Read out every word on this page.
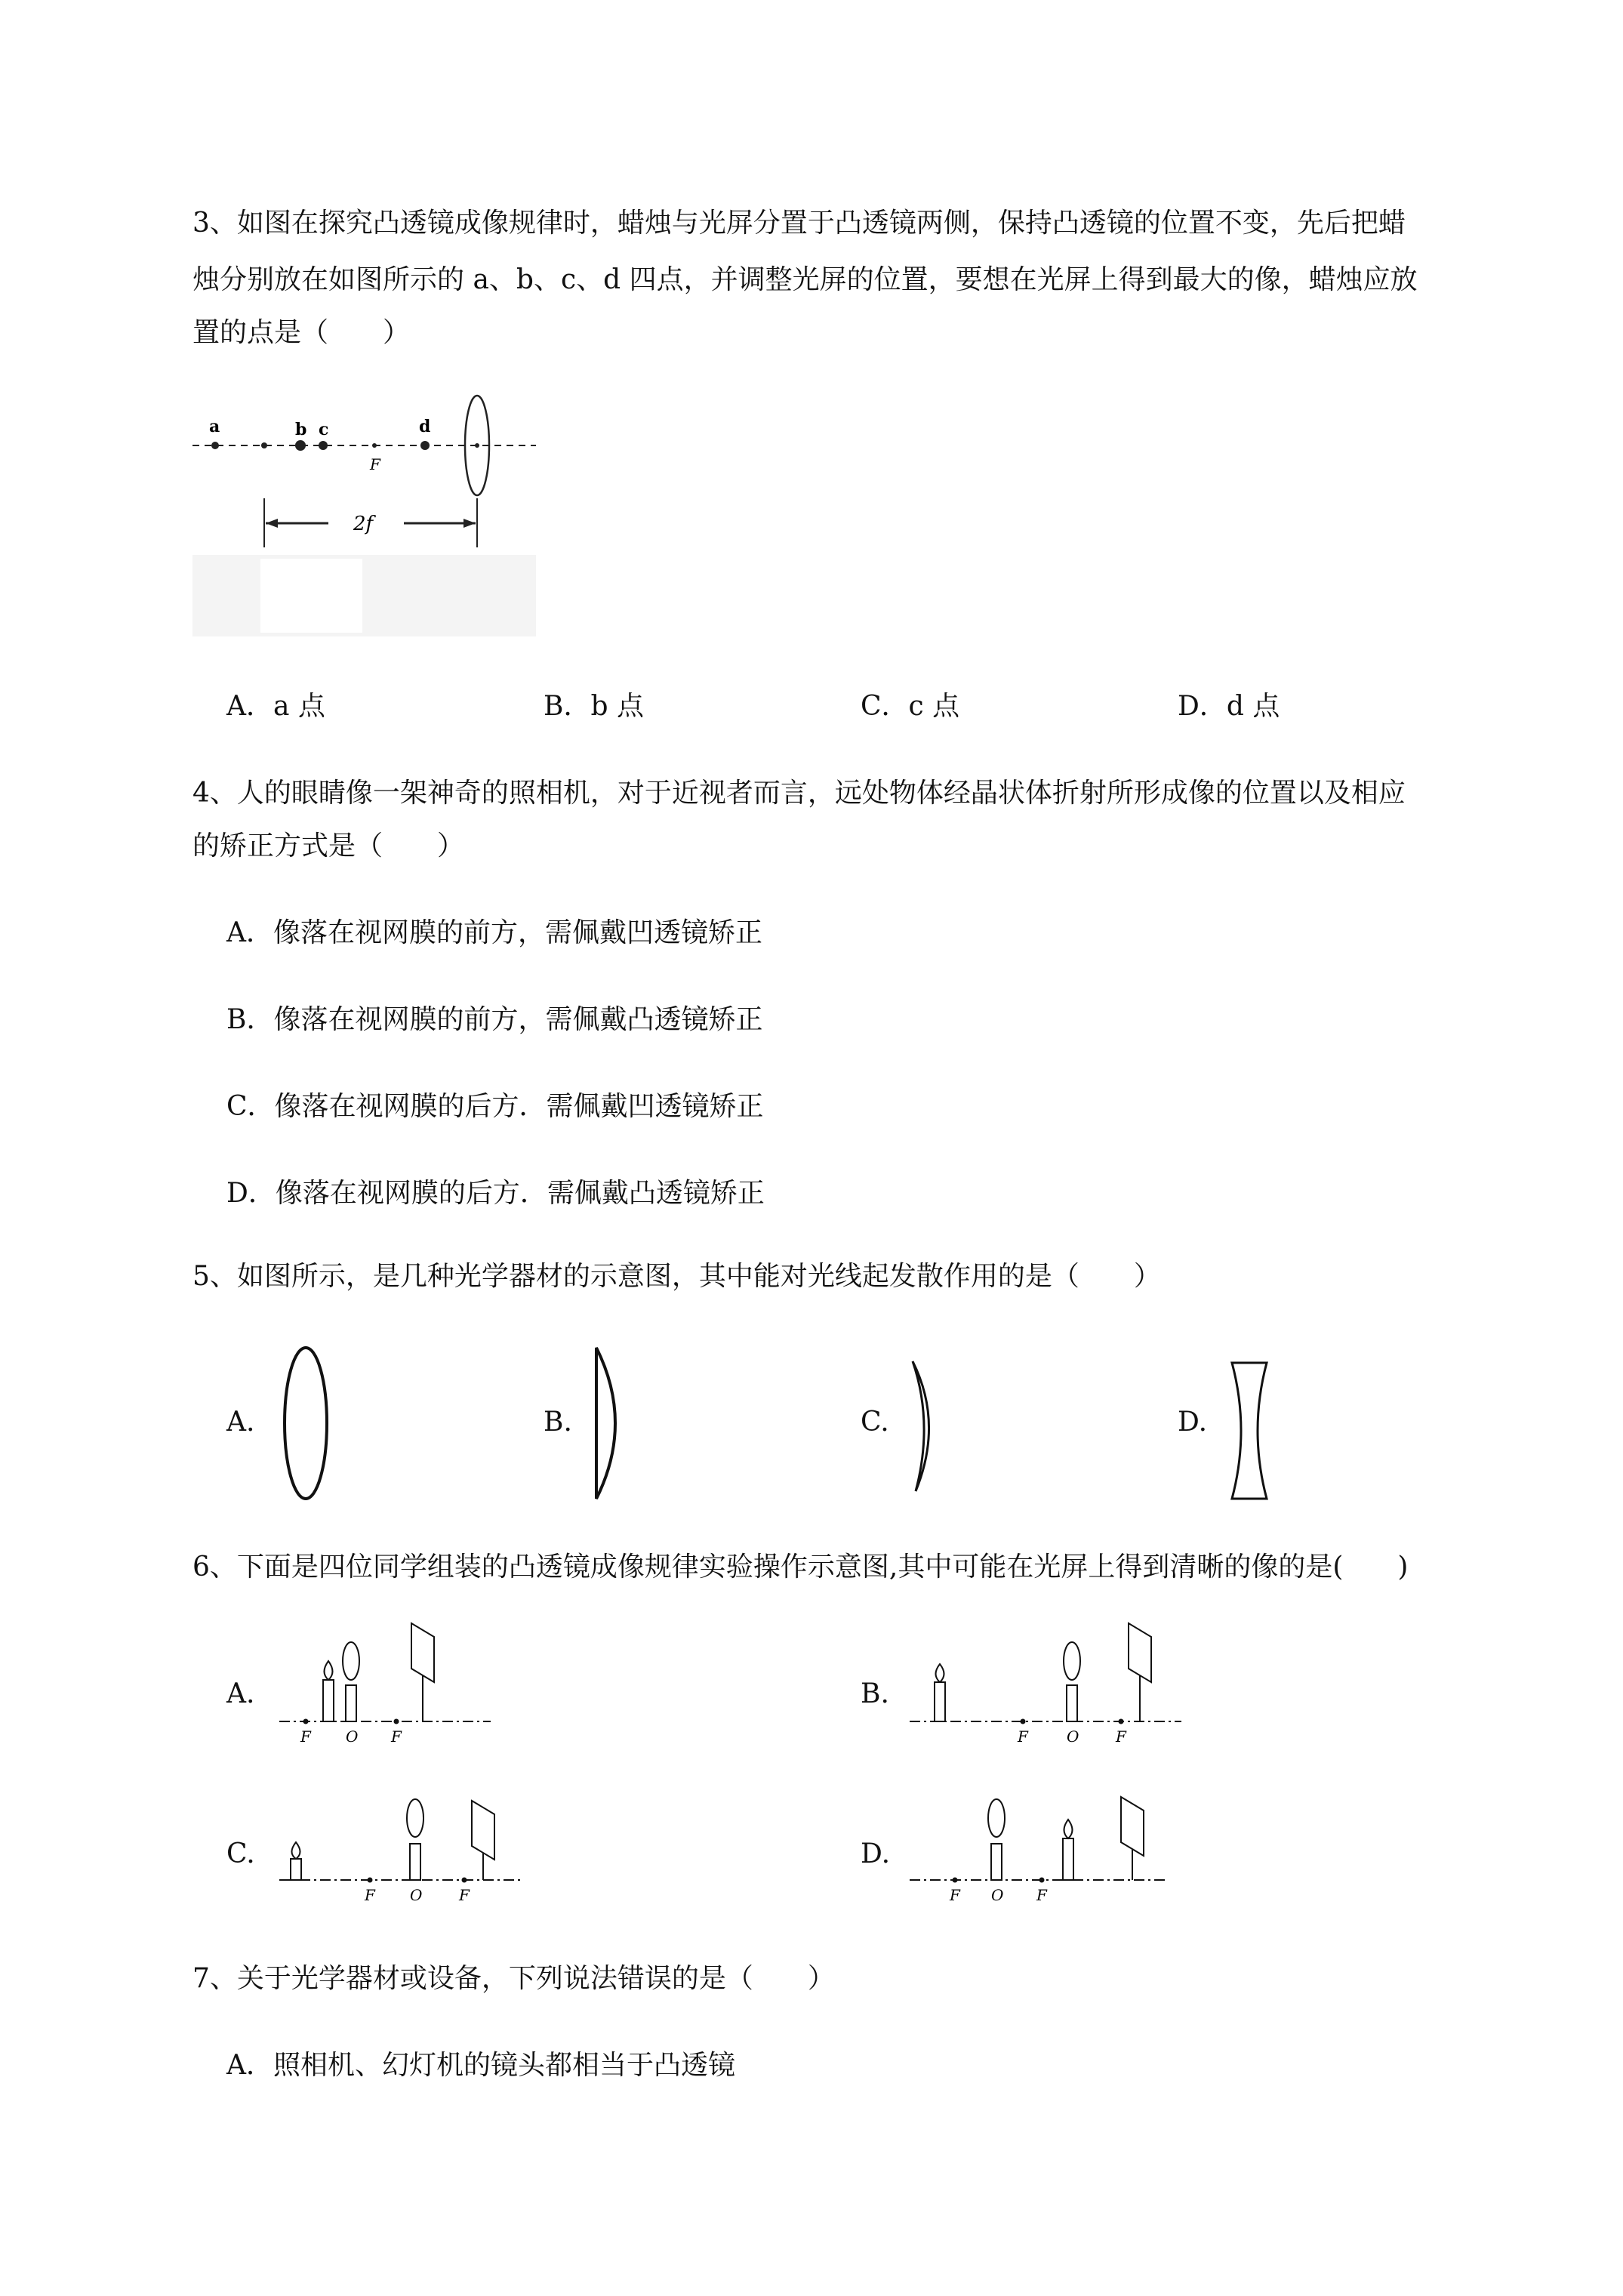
3、如图在探究凸透镜成像规律时，蜡烛与光屏分置于凸透镜两侧，保持凸透镜的位置不变，先后把蜡
烛分别放在如图所示的 a、b、c、d 四点，并调整光屏的位置，要想在光屏上得到最大的像，蜡烛应放
置的点是（　　）
a	b c	d
F
2f
A．a 点	B．b 点	C．c 点	D．d 点
4、人的眼睛像一架神奇的照相机，对于近视者而言，远处物体经晶状体折射所形成像的位置以及相应
的矫正方式是（　　）
A．像落在视网膜的前方，需佩戴凹透镜矫正
B．像落在视网膜的前方，需佩戴凸透镜矫正
C．像落在视网膜的后方．需佩戴凹透镜矫正
D．像落在视网膜的后方．需佩戴凸透镜矫正
5、如图所示，是几种光学器材的示意图，其中能对光线起发散作用的是（　　）
A.	B.	C.	D.
6、下面是四位同学组装的凸透镜成像规律实验操作示意图,其中可能在光屏上得到清晰的像的是(　　)
A.
F O F
B.
F	O F
C.
F O F
D.
F O F
7、关于光学器材或设备，下列说法错误的是（　　）
A．照相机、幻灯机的镜头都相当于凸透镜
